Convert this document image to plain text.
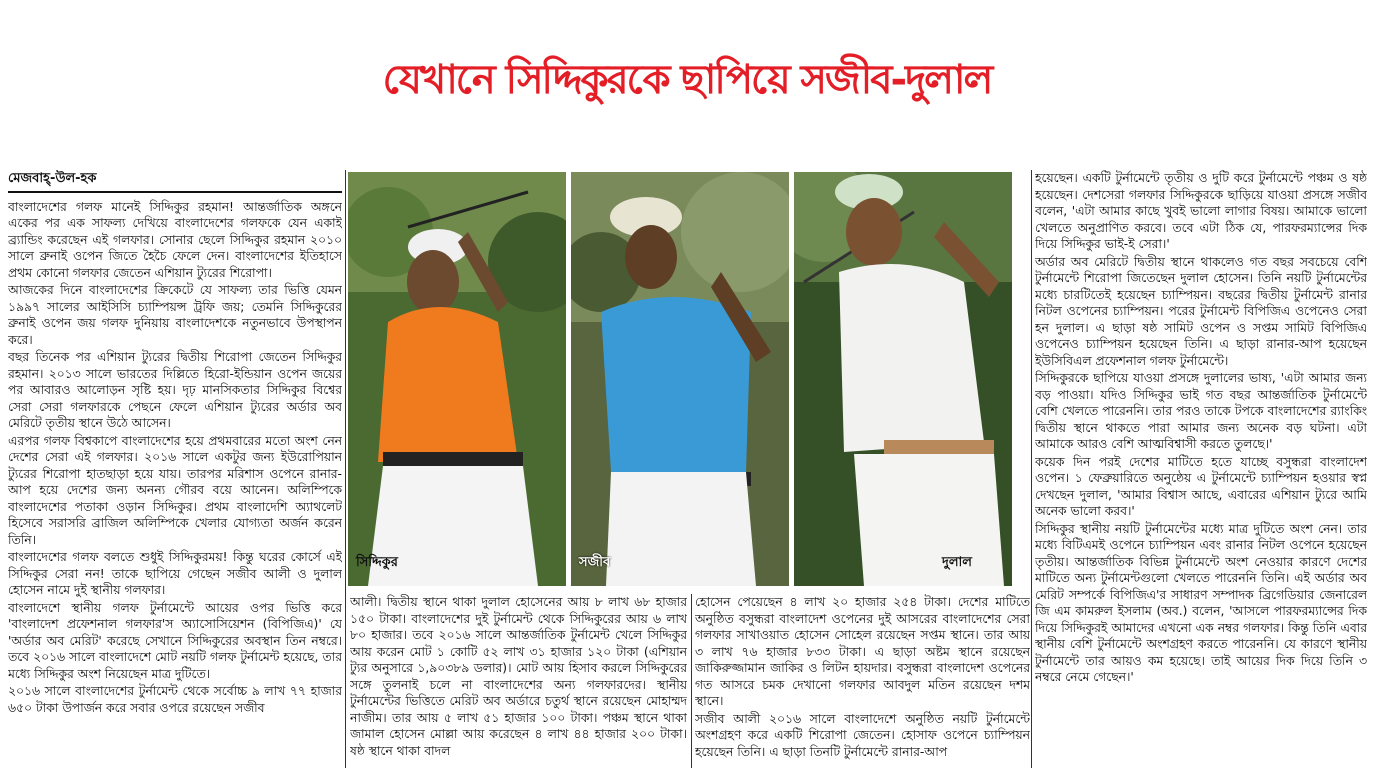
যেখানে সিদ্দিকুরকে ছাপিয়ে সজীব-দুলাল
মেজবাহ্-উল-হক

বাংলাদেশের গলফ মানেই সিদ্দিকুর রহমান! আন্তর্জাতিক অঙ্গনে একের পর এক সাফল্য দেখিয়ে বাংলাদেশের গলফকে যেন একাই ব্র্যান্ডিং করেছেন এই গলফার। সোনার ছেলে সিদ্দিকুর রহমান ২০১০ সালে ব্রুনাই ওপেন জিতে হৈচৈ ফেলে দেন। বাংলাদেশের ইতিহাসে প্রথম কোনো গলফার জেতেন এশিয়ান ট্যুরের শিরোপা।

আজকের দিনে বাংলাদেশের ক্রিকেটে যে সাফল্য তার ভিত্তি যেমন ১৯৯৭ সালের আইসিসি চ্যাম্পিয়ন্স ট্রফি জয়; তেমনি সিদ্দিকুরের ব্রুনাই ওপেন জয় গলফ দুনিয়ায় বাংলাদেশকে নতুনভাবে উপস্থাপন করে।

বছর তিনেক পর এশিয়ান ট্যুরের দ্বিতীয় শিরোপা জেতেন সিদ্দিকুর রহমান। ২০১৩ সালে ভারতের দিল্লিতে হিরো-ইন্ডিয়ান ওপেন জয়ের পর আবারও আলোড়ন সৃষ্টি হয়। দৃঢ় মানসিকতার সিদ্দিকুর বিশ্বের সেরা সেরা গলফারকে পেছনে ফেলে এশিয়ান ট্যুরের অর্ডার অব মেরিটে তৃতীয় স্থানে উঠে আসেন।

এরপর গলফ বিশ্বকাপে বাংলাদেশের হয়ে প্রথমবারের মতো অংশ নেন দেশের সেরা এই গলফার। ২০১৬ সালে একটুর জন্য ইউরোপিয়ান ট্যুরের শিরোপা হাতছাড়া হয়ে যায়। তারপর মরিশাস ওপেনে রানার-আপ হয়ে দেশের জন্য অনন্য গৌরব বয়ে আনেন। অলিম্পিকে বাংলাদেশের পতাকা ওড়ান সিদ্দিকুর। প্রথম বাংলাদেশি অ্যাথলেট হিসেবে সরাসরি ব্রাজিল অলিম্পিকে খেলার যোগ্যতা অর্জন করেন তিনি।

বাংলাদেশের গলফ বলতে শুধুই সিদ্দিকুরময়! কিন্তু ঘরের কোর্সে এই সিদ্দিকুর সেরা নন! তাকে ছাপিয়ে গেছেন সজীব আলী ও দুলাল হোসেন নামে দুই স্থানীয় গলফার।

বাংলাদেশে স্থানীয় গলফ টুর্নামেন্টে আয়ের ওপর ভিত্তি করে 'বাংলাদেশ প্রফেশনাল গলফার'স অ্যাসোসিয়েশন (বিপিজিএ)' যে 'অর্ডার অব মেরিট' করেছে সেখানে সিদ্দিকুরের অবস্থান তিন নম্বরে। তবে ২০১৬ সালে বাংলাদেশে মোট নয়টি গলফ টুর্নামেন্ট হয়েছে, তার মধ্যে সিদ্দিকুর অংশ নিয়েছেন মাত্র দুটিতে।

২০১৬ সালে বাংলাদেশের টুর্নামেন্ট থেকে সর্বোচ্চ ৯ লাখ ৭৭ হাজার ৬৫০ টাকা উপার্জন করে সবার ওপরে রয়েছেন সজীব

সিদ্দিকুর	সজীব	দুলাল

আলী। দ্বিতীয় স্থানে থাকা দুলাল হোসেনের আয় ৮ লাখ ৬৮ হাজার ১৫০ টাকা। বাংলাদেশের দুই টুর্নামেন্ট থেকে সিদ্দিকুরের আয় ৬ লাখ ৮০ হাজার। তবে ২০১৬ সালে আন্তর্জাতিক টুর্নামেন্ট খেলে সিদ্দিকুর আয় করেন মোট ১ কোটি ৫২ লাখ ৩১ হাজার ১২০ টাকা (এশিয়ান ট্যুর অনুসারে ১,৯০৩৮৯ ডলার)। মোট আয় হিসাব করলে সিদ্দিকুরের সঙ্গে তুলনাই চলে না বাংলাদেশের অন্য গলফারদের। স্থানীয় টুর্নামেন্টের ভিত্তিতে মেরিট অব অর্ডারে চতুর্থ স্থানে রয়েছেন মোহাম্মদ নাজীম। তার আয় ৫ লাখ ৫১ হাজার ১০০ টাকা। পঞ্চম স্থানে থাকা জামাল হোসেন মোল্লা আয় করেছেন ৪ লাখ ৪৪ হাজার ২০০ টাকা। ষষ্ঠ স্থানে থাকা বাদল

হোসেন পেয়েছেন ৪ লাখ ২০ হাজার ২৫৪ টাকা। দেশের মাটিতে অনুষ্ঠিত বসুন্ধরা বাংলাদেশ ওপেনের দুই আসরের বাংলাদেশের সেরা গলফার সাখাওয়াত হোসেন সোহেল রয়েছেন সপ্তম স্থানে। তার আয় ৩ লাখ ৭৬ হাজার ৮৩৩ টাকা। এ ছাড়া অষ্টম স্থানে রয়েছেন জাকিরুজ্জামান জাকির ও লিটন হায়দার। বসুন্ধরা বাংলাদেশ ওপেনের গত আসরে চমক দেখানো গলফার আবদুল মতিন রয়েছেন দশম স্থানে।

সজীব আলী ২০১৬ সালে বাংলাদেশে অনুষ্ঠিত নয়টি টুর্নামেন্টে অংশগ্রহণ করে একটি শিরোপা জেতেন। হোসাফ ওপেনে চ্যাম্পিয়ন হয়েছেন তিনি। এ ছাড়া তিনটি টুর্নামেন্টে রানার-আপ

হয়েছেন। একটি টুর্নামেন্টে তৃতীয় ও দুটি করে টুর্নামেন্টে পঞ্চম ও ষষ্ঠ হয়েছেন। দেশসেরা গলফার সিদ্দিকুরকে ছাড়িয়ে যাওয়া প্রসঙ্গে সজীব বলেন, 'এটা আমার কাছে খুবই ভালো লাগার বিষয়। আমাকে ভালো খেলতে অনুপ্রাণিত করবে। তবে এটা ঠিক যে, পারফরম্যান্সের দিক দিয়ে সিদ্দিকুর ভাই-ই সেরা।'

অর্ডার অব মেরিটে দ্বিতীয় স্থানে থাকলেও গত বছর সবচেয়ে বেশি টুর্নামেন্টে শিরোপা জিতেছেন দুলাল হোসেন। তিনি নয়টি টুর্নামেন্টের মধ্যে চারটিতেই হয়েছেন চ্যাম্পিয়ন। বছরের দ্বিতীয় টুর্নামেন্ট রানার নিটল ওপেনের চ্যাম্পিয়ন। পরের টুর্নামেন্ট বিপিজিএ ওপেনেও সেরা হন দুলাল। এ ছাড়া ষষ্ঠ সামিট ওপেন ও সপ্তম সামিট বিপিজিএ ওপেনেও চ্যাম্পিয়ন হয়েছেন তিনি। এ ছাড়া রানার-আপ হয়েছেন ইউসিবিএল প্রফেশনাল গলফ টুর্নামেন্টে।

সিদ্দিকুরকে ছাপিয়ে যাওয়া প্রসঙ্গে দুলালের ভাষ্য, 'এটা আমার জন্য বড় পাওয়া। যদিও সিদ্দিকুর ভাই গত বছর আন্তর্জাতিক টুর্নামেন্টে বেশি খেলতে পারেননি। তার পরও তাকে টপকে বাংলাদেশের র‌্যাংকিং দ্বিতীয় স্থানে থাকতে পারা আমার জন্য অনেক বড় ঘটনা। এটা আমাকে আরও বেশি আত্মবিশ্বাসী করতে তুলছে।'

কয়েক দিন পরই দেশের মাটিতে হতে যাচ্ছে বসুন্ধরা বাংলাদেশ ওপেন। ১ ফেব্রুয়ারিতে অনুষ্ঠেয় এ টুর্নামেন্টে চ্যাম্পিয়ন হওয়ার স্বপ্ন দেখছেন দুলাল, 'আমার বিশ্বাস আছে, এবারের এশিয়ান ট্যুরে আমি অনেক ভালো করব।'

সিদ্দিকুর স্থানীয় নয়টি টুর্নামেন্টের মধ্যে মাত্র দুটিতে অংশ নেন। তার মধ্যে বিটিএমই ওপেনে চ্যাম্পিয়ন এবং রানার নিটল ওপেনে হয়েছেন তৃতীয়। আন্তর্জাতিক বিভিন্ন টুর্নামেন্টে অংশ নেওয়ার কারণে দেশের মাটিতে অন্য টুর্নামেন্টগুলো খেলতে পারেননি তিনি। এই অর্ডার অব মেরিট সম্পর্কে বিপিজিএ'র সাধারণ সম্পাদক ব্রিগেডিয়ার জেনারেল জি এম কামরুল ইসলাম (অব.) বলেন, 'আসলে পারফরম্যান্সের দিক দিয়ে সিদ্দিকুরই আমাদের এখনো এক নম্বর গলফার। কিন্তু তিনি এবার স্থানীয় বেশি টুর্নামেন্টে অংশগ্রহণ করতে পারেননি। যে কারণে স্থানীয় টুর্নামেন্টে তার আয়ও কম হয়েছে। তাই আয়ের দিক দিয়ে তিনি ৩ নম্বরে নেমে গেছেন।'
